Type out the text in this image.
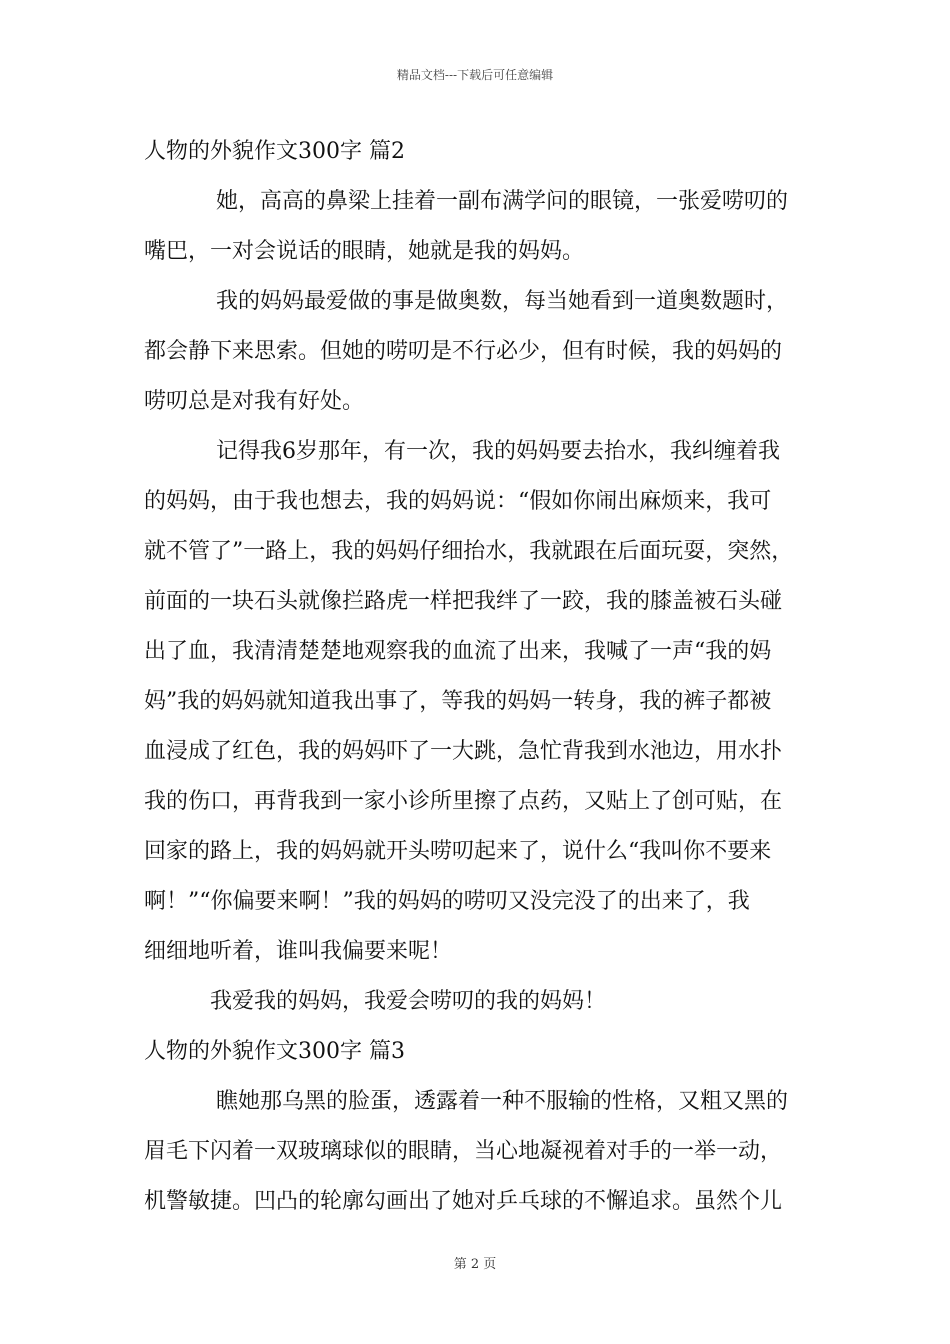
精品文档---下载后可任意编辑
人物的外貌作文300字 篇2
她，高高的鼻梁上挂着一副布满学问的眼镜，一张爱唠叨的
嘴巴，一对会说话的眼睛，她就是我的妈妈。
我的妈妈最爱做的事是做奥数，每当她看到一道奥数题时，
都会静下来思索。但她的唠叨是不行必少，但有时候，我的妈妈的
唠叨总是对我有好处。
记得我6岁那年，有一次，我的妈妈要去抬水，我纠缠着我
的妈妈，由于我也想去，我的妈妈说：“假如你闹出麻烦来，我可
就不管了”一路上，我的妈妈仔细抬水，我就跟在后面玩耍，突然，
前面的一块石头就像拦路虎一样把我绊了一跤，我的膝盖被石头碰
出了血，我清清楚楚地观察我的血流了出来，我喊了一声“我的妈
妈”我的妈妈就知道我出事了，等我的妈妈一转身，我的裤子都被
血浸成了红色，我的妈妈吓了一大跳，急忙背我到水池边，用水扑
我的伤口，再背我到一家小诊所里擦了点药，又贴上了创可贴，在
回家的路上，我的妈妈就开头唠叨起来了，说什么“我叫你不要来
啊！”“你偏要来啊！”我的妈妈的唠叨又没完没了的出来了，我
细细地听着，谁叫我偏要来呢！
我爱我的妈妈，我爱会唠叨的我的妈妈！
人物的外貌作文300字 篇3
瞧她那乌黑的脸蛋，透露着一种不服输的性格，又粗又黑的
眉毛下闪着一双玻璃球似的眼睛，当心地凝视着对手的一举一动，
机警敏捷。凹凸的轮廓勾画出了她对乒乓球的不懈追求。虽然个儿
第 2 页
